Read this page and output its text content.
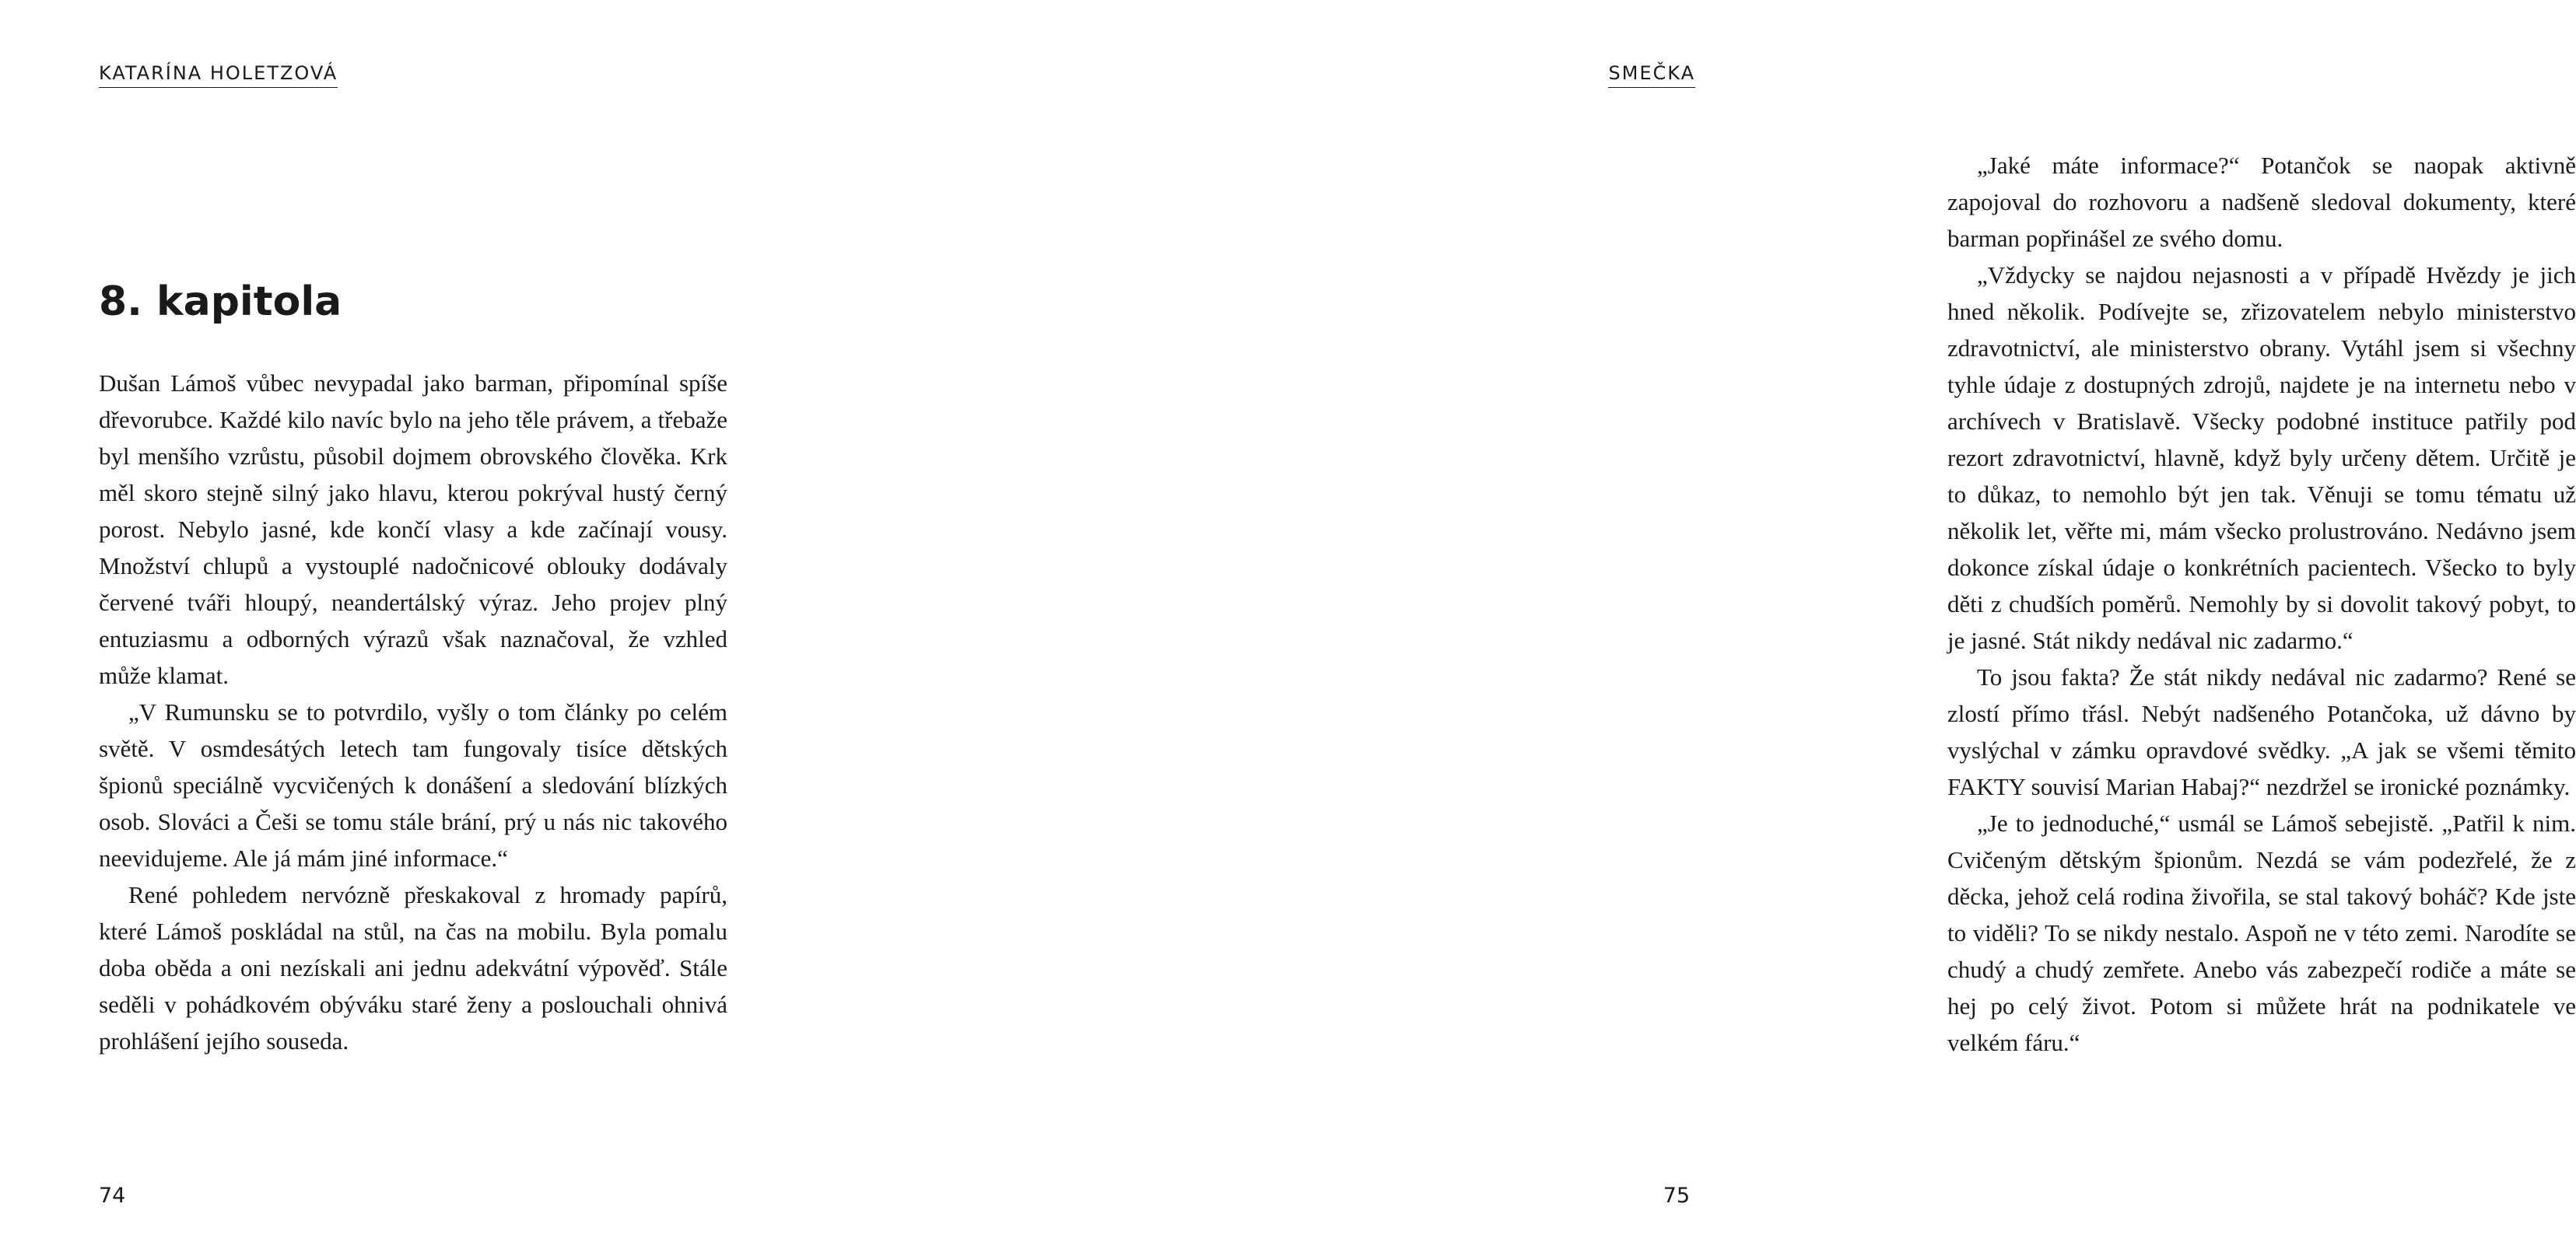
KATARÍNA HOLETZOVÁ
8. kapitola

Dušan Lámoš vůbec nevypadal jako barman, připomínal spíše dřevorubce. Každé kilo navíc bylo na jeho těle právem, a třebaže byl menšího vzrůstu, působil dojmem obrovského člověka. Krk měl skoro stejně silný jako hlavu, kterou pokrýval hustý černý porost. Nebylo jasné, kde končí vlasy a kde začínají vousy. Množství chlupů a vystouplé nadočnicové oblouky dodávaly červené tváři hloupý, neandertálský výraz. Jeho projev plný entuziasmu a odborných výrazů však naznačoval, že vzhled může klamat.

„V Rumunsku se to potvrdilo, vyšly o tom články po celém světě. V osmdesátých letech tam fungovaly tisíce dětských špionů speciálně vycvičených k donášení a sledování blízkých osob. Slováci a Češi se tomu stále brání, prý u nás nic takového neevidujeme. Ale já mám jiné informace.“

René pohledem nervózně přeskakoval z hromady papírů, které Lámoš poskládal na stůl, na čas na mobilu. Byla pomalu doba oběda a oni nezískali ani jednu adekvátní výpověď. Stále seděli v pohádkovém obýváku staré ženy a poslouchali ohnivá prohlášení jejího souseda.

74
SMEČKA

„Jaké máte informace?“ Potančok se naopak aktivně zapojoval do rozhovoru a nadšeně sledoval dokumenty, které barman popřinášel ze svého domu.

„Vždycky se najdou nejasnosti a v případě Hvězdy je jich hned několik. Podívejte se, zřizovatelem nebylo ministerstvo zdravotnictví, ale ministerstvo obrany. Vytáhl jsem si všechny tyhle údaje z dostupných zdrojů, najdete je na internetu nebo v archívech v Bratislavě. Všecky podobné instituce patřily pod rezort zdravotnictví, hlavně, když byly určeny dětem. Určitě je to důkaz, to nemohlo být jen tak. Věnuji se tomu tématu už několik let, věřte mi, mám všecko prolustrováno. Nedávno jsem dokonce získal údaje o konkrétních pacientech. Všecko to byly děti z chudších poměrů. Nemohly by si dovolit takový pobyt, to je jasné. Stát nikdy nedával nic zadarmo.“

To jsou fakta? Že stát nikdy nedával nic zadarmo? René se zlostí přímo třásl. Nebýt nadšeného Potančoka, už dávno by vyslýchal v zámku opravdové svědky. „A jak se všemi těmito FAKTY souvisí Marian Habaj?“ nezdržel se ironické poznámky.

„Je to jednoduché,“ usmál se Lámoš sebejistě. „Patřil k nim. Cvičeným dětským špionům. Nezdá se vám podezřelé, že z děcka, jehož celá rodina živořila, se stal takový boháč? Kde jste to viděli? To se nikdy nestalo. Aspoň ne v této zemi. Narodíte se chudý a chudý zemřete. Anebo vás zabezpečí rodiče a máte se hej po celý život. Potom si můžete hrát na podnikatele ve velkém fáru.“

75
